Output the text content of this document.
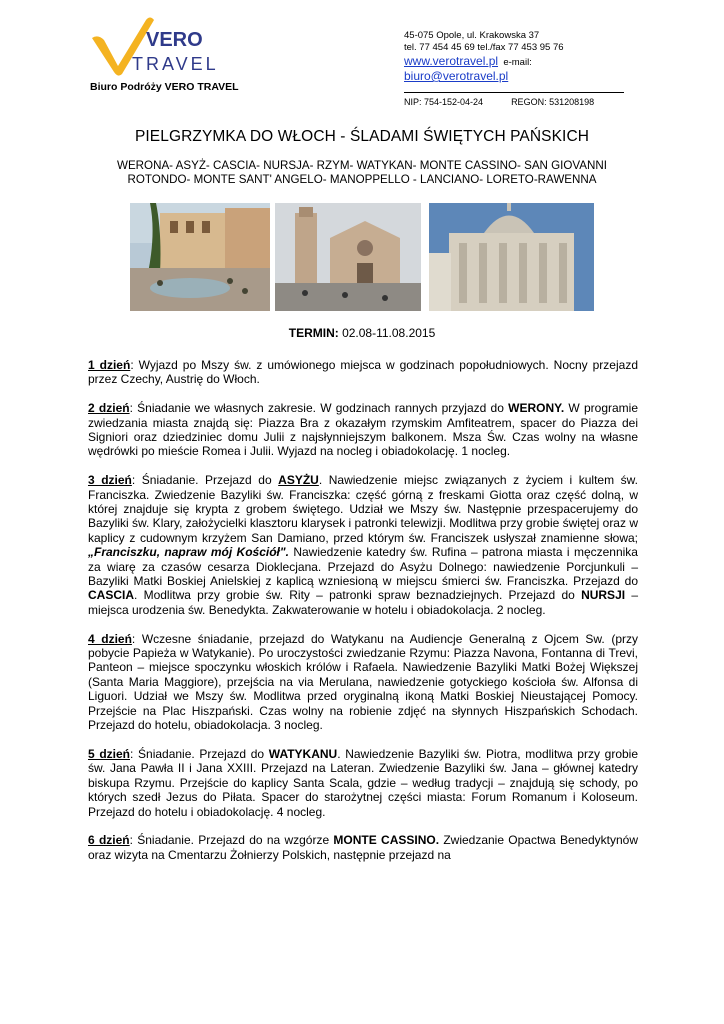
VERO
TRAVEL
Biuro Podróży VERO TRAVEL
45-075 Opole, ul. Krakowska 37
tel. 77 454 45 69 tel./fax 77 453 95 76
www.verotravel.pl e-mail:
biuro@verotravel.pl
NIP: 754-152-04-24	REGON: 531208198
PIELGRZYMKA DO WŁOCH - ŚLADAMI ŚWIĘTYCH PAŃSKICH
WERONA- ASYŻ- CASCIA- NURSJA- RZYM- WATYKAN- MONTE CASSINO- SAN GIOVANNI
ROTONDO- MONTE SANT' ANGELO- MANOPPELLO - LANCIANO- LORETO-RAWENNA
TERMIN: 02.08-11.08.2015

1 dzień: Wyjazd po Mszy św. z umówionego miejsca w godzinach popołudniowych. Nocny przejazd przez Czechy, Austrię do Włoch.

2 dzień: Śniadanie we własnych zakresie. W godzinach rannych przyjazd do WERONY. W programie zwiedzania miasta znajdą się: Piazza Bra z okazałym rzymskim Amfiteatrem, spacer do Piazza dei Signiori oraz dziedziniec domu Julii z najsłynniejszym balkonem. Msza Św. Czas wolny na własne wędrówki po mieście Romea i Julii. Wyjazd na nocleg i obiadokolację. 1 nocleg.

3 dzień: Śniadanie. Przejazd do ASYŻU. Nawiedzenie miejsc związanych z życiem i kultem św. Franciszka. Zwiedzenie Bazyliki św. Franciszka: część górną z freskami Giotta oraz część dolną, w której znajduje się krypta z grobem świętego. Udział we Mszy św. Następnie przespacerujemy do Bazyliki św. Klary, założycielki klasztoru klarysek i patronki telewizji. Modlitwa przy grobie świętej oraz w kaplicy z cudownym krzyżem San Damiano, przed którym św. Franciszek usłyszał znamienne słowa; „Franciszku, napraw mój Kościół". Nawiedzenie katedry św. Rufina – patrona miasta i męczennika za wiarę za czasów cesarza Dioklecjana. Przejazd do Asyżu Dolnego: nawiedzenie Porcjunkuli – Bazyliki Matki Boskiej Anielskiej z kaplicą wzniesioną w miejscu śmierci św. Franciszka. Przejazd do CASCIA. Modlitwa przy grobie św. Rity – patronki spraw beznadziejnych. Przejazd do NURSJI – miejsca urodzenia św. Benedykta. Zakwaterowanie w hotelu i obiadokolacja. 2 nocleg.

4 dzień: Wczesne śniadanie, przejazd do Watykanu na Audiencje Generalną z Ojcem Sw. (przy pobycie Papieża w Watykanie). Po uroczystości zwiedzanie Rzymu: Piazza Navona, Fontanna di Trevi, Panteon – miejsce spoczynku włoskich królów i Rafaela. Nawiedzenie Bazyliki Matki Bożej Większej (Santa Maria Maggiore), przejścia na via Merulana, nawiedzenie gotyckiego kościoła św. Alfonsa di Liguori. Udział we Mszy św. Modlitwa przed oryginalną ikoną Matki Boskiej Nieustającej Pomocy. Przejście na Plac Hiszpański. Czas wolny na robienie zdjęć na słynnych Hiszpańskich Schodach. Przejazd do hotelu, obiadokolacja. 3 nocleg.

5 dzień: Śniadanie. Przejazd do WATYKANU. Nawiedzenie Bazyliki św. Piotra, modlitwa przy grobie św. Jana Pawła II i Jana XXIII. Przejazd na Lateran. Zwiedzenie Bazyliki św. Jana – głównej katedry biskupa Rzymu. Przejście do kaplicy Santa Scala, gdzie – według tradycji – znajdują się schody, po których szedł Jezus do Piłata. Spacer do starożytnej części miasta: Forum Romanum i Koloseum. Przejazd do hotelu i obiadokolację. 4 nocleg.

6 dzień: Śniadanie. Przejazd do na wzgórze MONTE CASSINO. Zwiedzanie Opactwa Benedyktynów oraz wizyta na Cmentarzu Żołnierzy Polskich, następnie przejazd na
